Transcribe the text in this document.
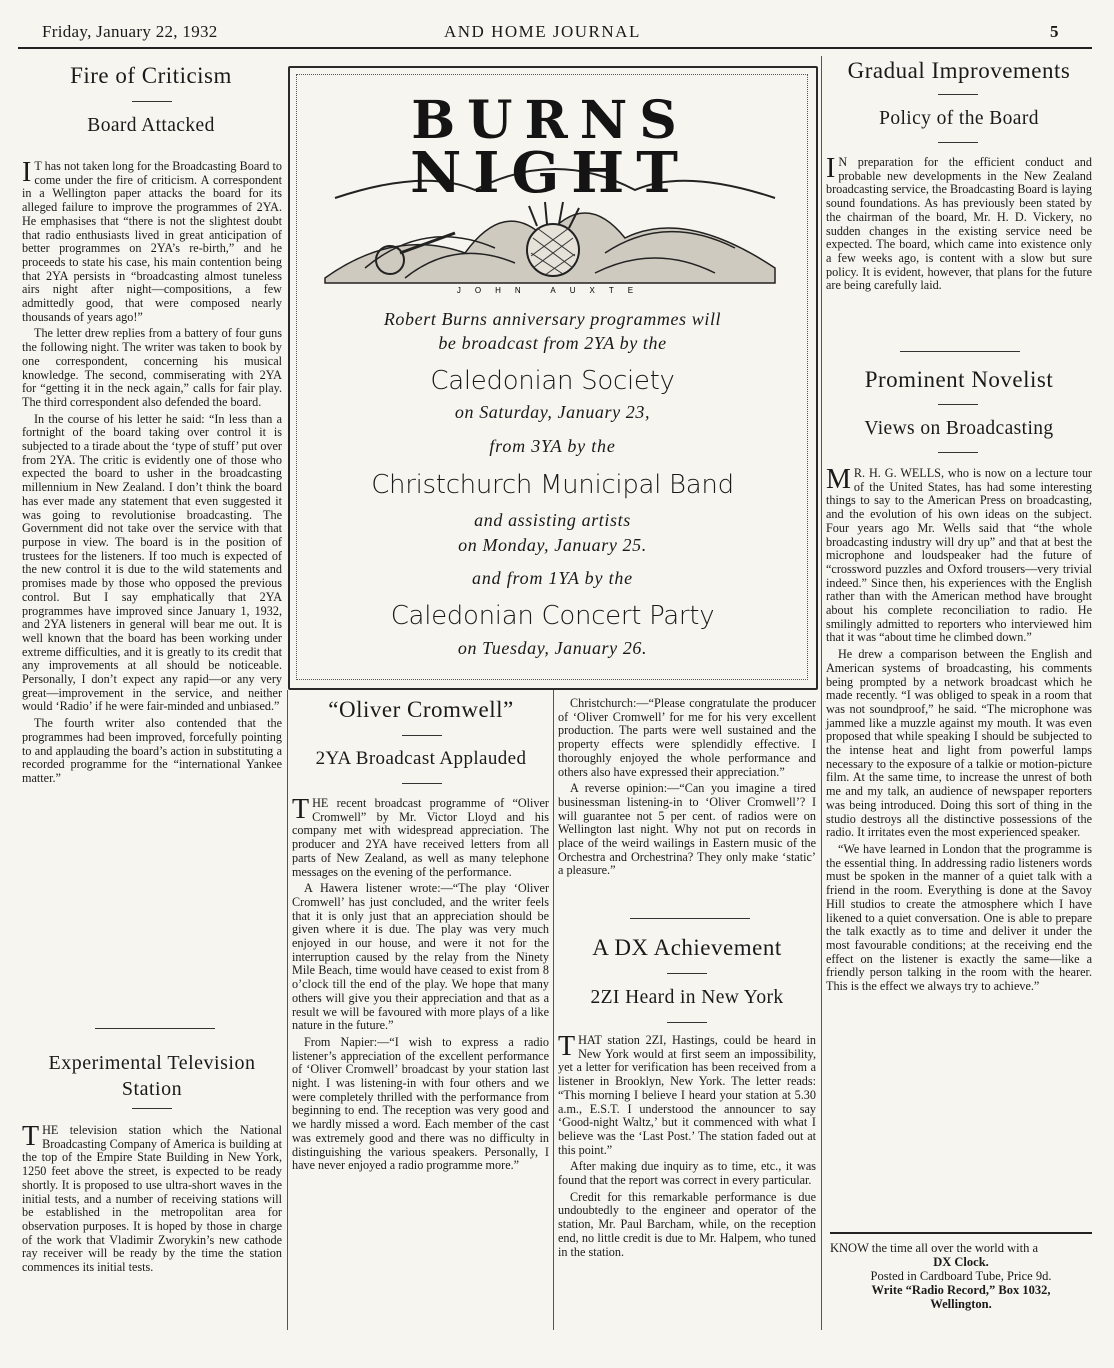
Friday, January 22, 1932	AND HOME JOURNAL	5
Fire of Criticism
Board Attacked

IT has not taken long for the Broadcasting Board to come under the fire of criticism. A correspondent in a Wellington paper attacks the board for its alleged failure to improve the programmes of 2YA. He emphasises that “there is not the slightest doubt that radio enthusiasts lived in great anticipation of better programmes on 2YA’s re-birth,” and he proceeds to state his case, his main contention being that 2YA persists in “broadcasting almost tuneless airs night after night—compositions, a few admittedly good, that were composed nearly thousands of years ago!”

The letter drew replies from a battery of four guns the following night. The writer was taken to book by one correspondent, concerning his musical knowledge. The second, commiserating with 2YA for “getting it in the neck again,” calls for fair play. The third correspondent also defended the board.

In the course of his letter he said: “In less than a fortnight of the board taking over control it is subjected to a tirade about the ‘type of stuff’ put over from 2YA. The critic is evidently one of those who expected the board to usher in the broadcasting millennium in New Zealand. I don’t think the board has ever made any statement that even suggested it was going to revolutionise broadcasting. The Government did not take over the service with that purpose in view. The board is in the position of trustees for the listeners. If too much is expected of the new control it is due to the wild statements and promises made by those who opposed the previous control. But I say emphatically that 2YA programmes have improved since January 1, 1932, and 2YA listeners in general will bear me out. It is well known that the board has been working under extreme difficulties, and it is greatly to its credit that any improvements at all should be noticeable. Personally, I don’t expect any rapid—or any very great—improvement in the service, and neither would ‘Radio’ if he were fair-minded and unbiased.”

The fourth writer also contended that the programmes had been improved, forcefully pointing to and applauding the board’s action in substituting a recorded programme for the “international Yankee matter.”

Experimental Television Station

THE television station which the National Broadcasting Company of America is building at the top of the Empire State Building in New York, 1250 feet above the street, is expected to be ready shortly. It is proposed to use ultra-short waves in the initial tests, and a number of receiving stations will be established in the metropolitan area for observation purposes. It is hoped by those in charge of the work that Vladimir Zworykin’s new cathode ray receiver will be ready by the time the station commences its initial tests.

JOHN AUXTE
BURNS
NIGHT
Robert Burns anniversary programmes will
be broadcast from 2YA by the
Caledonian Society
on Saturday, January 23,
from 3YA by the
Christchurch Municipal Band
and assisting artists
on Monday, January 25.
and from 1YA by the
Caledonian Concert Party
on Tuesday, January 26.
“Oliver Cromwell”
2YA Broadcast Applauded

THE recent broadcast programme of “Oliver Cromwell” by Mr. Victor Lloyd and his company met with widespread appreciation. The producer and 2YA have received letters from all parts of New Zealand, as well as many telephone messages on the evening of the performance.

A Hawera listener wrote:—“The play ‘Oliver Cromwell’ has just concluded, and the writer feels that it is only just that an appreciation should be given where it is due. The play was very much enjoyed in our house, and were it not for the interruption caused by the relay from the Ninety Mile Beach, time would have ceased to exist from 8 o’clock till the end of the play. We hope that many others will give you their appreciation and that as a result we will be favoured with more plays of a like nature in the future.”

From Napier:—“I wish to express a radio listener’s appreciation of the excellent performance of ‘Oliver Cromwell’ broadcast by your station last night. I was listening-in with four others and we were completely thrilled with the performance from beginning to end. The reception was very good and we hardly missed a word. Each member of the cast was extremely good and there was no difficulty in distinguishing the various speakers. Personally, I have never enjoyed a radio programme more.”

Christchurch:—“Please congratulate the producer of ‘Oliver Cromwell’ for me for his very excellent production. The parts were well sustained and the property effects were splendidly effective. I thoroughly enjoyed the whole performance and others also have expressed their appreciation.”

A reverse opinion:—“Can you imagine a tired businessman listening-in to ‘Oliver Cromwell’? I will guarantee not 5 per cent. of radios were on Wellington last night. Why not put on records in place of the weird wailings in Eastern music of the Orchestra and Orchestrina? They only make ‘static’ a pleasure.”

A DX Achievement
2ZI Heard in New York

THAT station 2ZI, Hastings, could be heard in New York would at first seem an impossibility, yet a letter for verification has been received from a listener in Brooklyn, New York. The letter reads: “This morning I believe I heard your station at 5.30 a.m., E.S.T. I understood the announcer to say ‘Good-night Waltz,’ but it commenced with what I believe was the ‘Last Post.’ The station faded out at this point.”

After making due inquiry as to time, etc., it was found that the report was correct in every particular.

Credit for this remarkable performance is due undoubtedly to the engineer and operator of the station, Mr. Paul Barcham, while, on the reception end, no little credit is due to Mr. Halpem, who tuned in the station.

Gradual Improvements
Policy of the Board

IN preparation for the efficient conduct and probable new developments in the New Zealand broadcasting service, the Broadcasting Board is laying sound foundations. As has previously been stated by the chairman of the board, Mr. H. D. Vickery, no sudden changes in the existing service need be expected. The board, which came into existence only a few weeks ago, is content with a slow but sure policy. It is evident, however, that plans for the future are being carefully laid.

Prominent Novelist
Views on Broadcasting

MR. H. G. WELLS, who is now on a lecture tour of the United States, has had some interesting things to say to the American Press on broadcasting, and the evolution of his own ideas on the subject. Four years ago Mr. Wells said that “the whole broadcasting industry will dry up” and that at best the microphone and loudspeaker had the future of “crossword puzzles and Oxford trousers—very trivial indeed.” Since then, his experiences with the English rather than with the American method have brought about his complete reconciliation to radio. He smilingly admitted to reporters who interviewed him that it was “about time he climbed down.”

He drew a comparison between the English and American systems of broadcasting, his comments being prompted by a network broadcast which he made recently. “I was obliged to speak in a room that was not soundproof,” he said. “The microphone was jammed like a muzzle against my mouth. It was even proposed that while speaking I should be subjected to the intense heat and light from powerful lamps necessary to the exposure of a talkie or motion-picture film. At the same time, to increase the unrest of both me and my talk, an audience of newspaper reporters was being introduced. Doing this sort of thing in the studio destroys all the distinctive possessions of the radio. It irritates even the most experienced speaker.

“We have learned in London that the programme is the essential thing. In addressing radio listeners words must be spoken in the manner of a quiet talk with a friend in the room. Everything is done at the Savoy Hill studios to create the atmosphere which I have likened to a quiet conversation. One is able to prepare the talk exactly as to time and deliver it under the most favourable conditions; at the receiving end the effect on the listener is exactly the same—like a friendly person talking in the room with the hearer. This is the effect we always try to achieve.”

KNOW the time all over the world with a
DX Clock.
Posted in Cardboard Tube, Price 9d.
Write “Radio Record,” Box 1032,
Wellington.
